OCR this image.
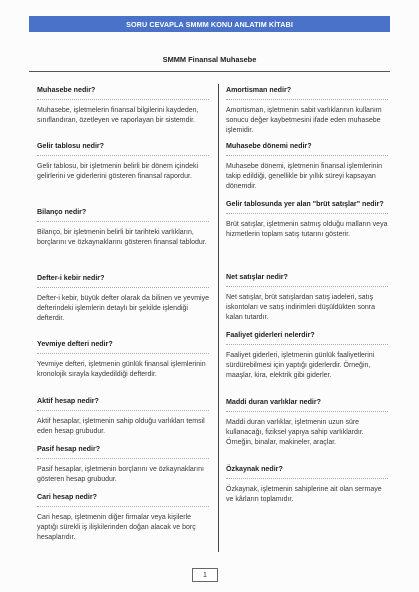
SORU CEVAPLA SMMM KONU ANLATIM KİTABI
SMMM Finansal Muhasebe
Muhasebe nedir?
Muhasebe, işletmelerin finansal bilgilerini kaydeden, sınıflandıran, özetleyen ve raporlayan bir sistemdir.
Gelir tablosu nedir?
Gelir tablosu, bir işletmenin belirli bir dönem içindeki gelirlerini ve giderlerini gösteren finansal rapordur.
Bilanço nedir?
Bilanço, bir işletmenin belirli bir tarihteki varlıkların, borçlarını ve özkaynaklarını gösteren finansal tablodur.
Defter-i kebir nedir?
Defter-i kebir, büyük defter olarak da bilinen ve yevmiye defterindeki işlemlerin detaylı bir şekilde işlendiği defterdir.
Yevmiye defteri nedir?
Yevmiye defteri, işletmenin günlük finansal işlemlerinin kronolojik sırayla kaydedildiği defterdir.
Aktif hesap nedir?
Aktif hesaplar, işletmenin sahip olduğu varlıkları temsil eden hesap grubudur.
Pasif hesap nedir?
Pasif hesaplar, işletmenin borçlarını ve özkaynaklarını gösteren hesap grubudur.
Cari hesap nedir?
Cari hesap, işletmenin diğer firmalar veya kişilerle yaptığı sürekli iş ilişkilerinden doğan alacak ve borç hesaplarıdır.
Amortisman nedir?
Amortisman, işletmenin sabit varlıklarının kullanım sonucu değer kaybetmesini ifade eden muhasebe işlemidir.
Muhasebe dönemi nedir?
Muhasebe dönemi, işletmenin finansal işlemlerinin takip edildiği, genellikle bir yıllık süreyi kapsayan dönemdir.
Gelir tablosunda yer alan "brüt satışlar" nedir?
Brüt satışlar, işletmenin satmış olduğu malların veya hizmetlerin toplam satış tutarını gösterir.
Net satışlar nedir?
Net satışlar, brüt satışlardan satış iadeleri, satış iskontoları ve satış indirimleri düşüldükten sonra kalan tutardır.
Faaliyet giderleri nelerdir?
Faaliyet giderleri, işletmenin günlük faaliyetlerini sürdürebilmesi için yaptığı giderlerdir. Örneğin, maaşlar, kira, elektrik gibi giderler.
Maddi duran varlıklar nedir?
Maddi duran varlıklar, işletmenin uzun süre kullanacağı, fiziksel yapıya sahip varlıklardır. Örneğin, binalar, makineler, araçlar.
Özkaynak nedir?
Özkaynak, işletmenin sahiplerine ait olan sermaye ve kârların toplamıdır.
1
